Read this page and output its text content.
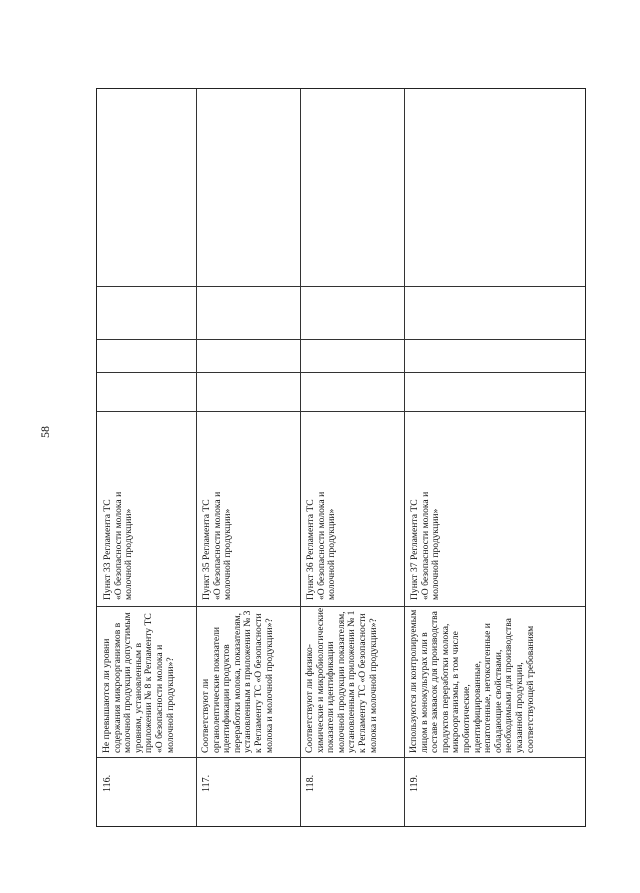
58
116.
Не превышаются ли уровни
содержания микроорганизмов в
молочной продукции допустимым
уровням, установленным в
приложении № 8 к Регламенту ТС
«О безопасности молока и
молочной продукции»?
Пункт 33 Регламента ТС
«О безопасности молока и
молочной продукции»
117.
Соответствуют ли
органолептические показатели
идентификации продуктов
переработки молока, показателям,
установленным в приложении № 3
к Регламенту ТС «О безопасности
молока и молочной продукции»?
Пункт 35 Регламента ТС
«О безопасности молока и
молочной продукции»
118.
Соответствуют ли физико-
химические и микробиологические
показатели идентификации
молочной продукции показателям,
установленным в приложении № 1
к Регламенту ТС «О безопасности
молока и молочной продукции»?
Пункт 36 Регламента ТС
«О безопасности молока и
молочной продукции»
119.
Используются ли контролируемым
лицом в монокультурах или в
составе заквасок для производства
продуктов переработки молока,
микроорганизмы, в том числе
пробиотические,
идентифицированные,
непатогенные, нетоксигенные и
обладающие свойствами,
необходимыми для производства
указанной продукции,
соответствующей требованиям
Пункт 37 Регламента ТС
«О безопасности молока и
молочной продукции»
